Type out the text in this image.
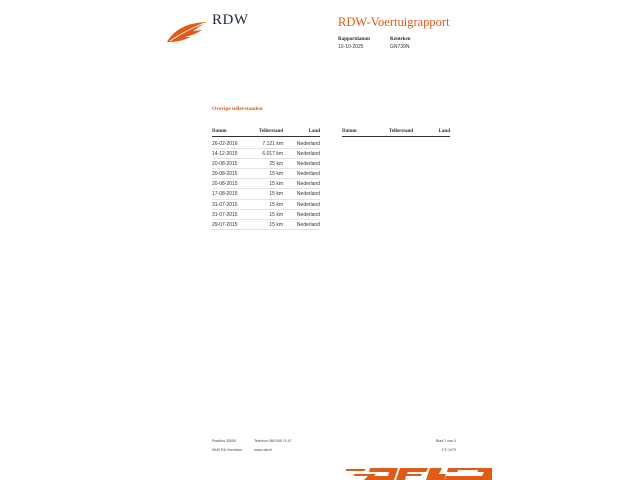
RDW	RDW-Voertuigrapport
Rapportdatum
10-10-2025
Kenteken
GN739N
Overige tellerstanden
Datum	Tellerstand	Land
26-02-2016	7.121 km	Nederland
14-12-2015	6.017 km	Nederland
20-08-2015	25 km	Nederland
20-08-2015	15 km	Nederland
20-08-2015	15 km	Nederland
17-08-2015	15 km	Nederland
31-07-2015	15 km	Nederland
31-07-2015	15 km	Nederland
29-07-2015	15 km	Nederland
Datum	Tellerstand	Land
Postbus 30000
9640 RA Veendam
Telefoon 088 008 74 47
www.rdw.nl
Blad 2 van 4
2 E 1079
